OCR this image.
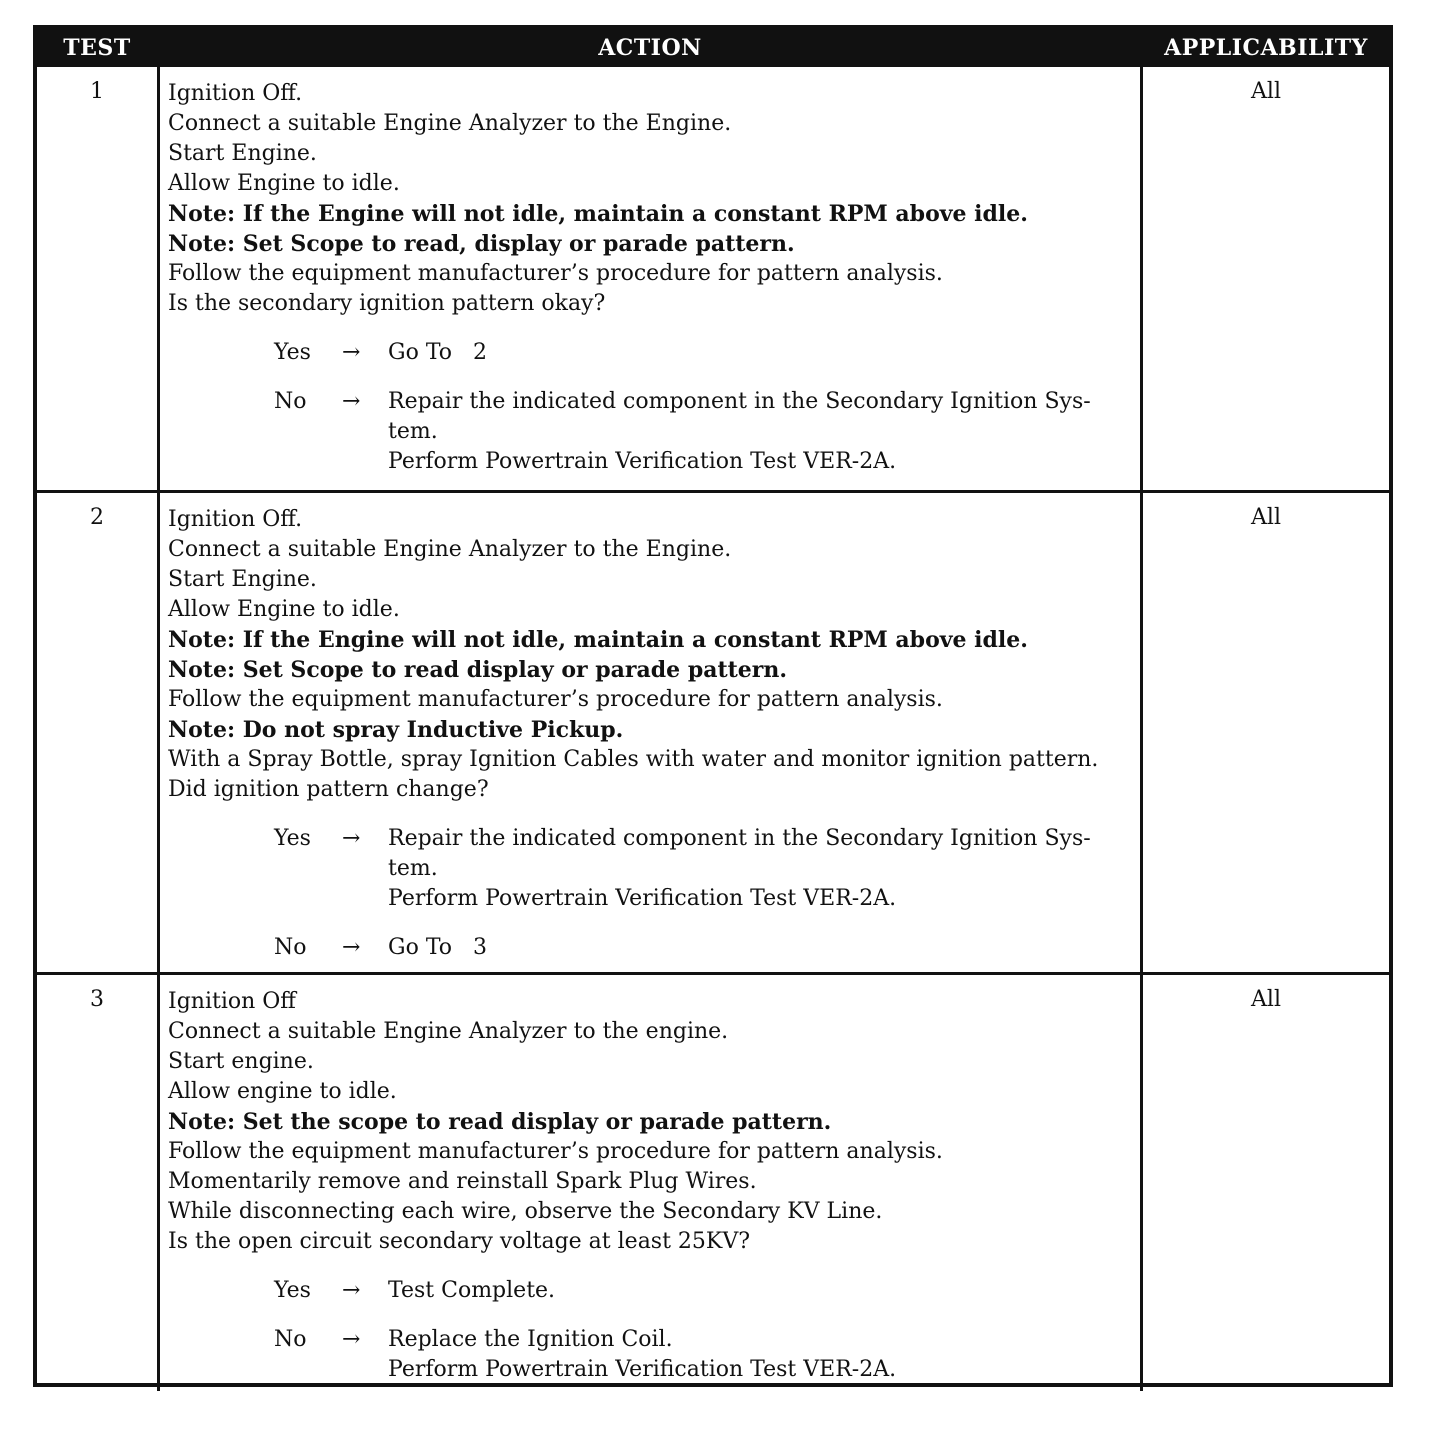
TEST	ACTION	APPLICABILITY
1	Ignition Off.
Connect a suitable Engine Analyzer to the Engine.
Start Engine.
Allow Engine to idle.
Note: If the Engine will not idle, maintain a constant RPM above idle.
Note: Set Scope to read, display or parade pattern.
Follow the equipment manufacturer’s procedure for pattern analysis.
Is the secondary ignition pattern okay?
Yes	→	Go To   2
No	→	Repair the indicated component in the Secondary Ignition Sys-
tem.
Perform Powertrain Verification Test VER-2A.
All
2	Ignition Off.
Connect a suitable Engine Analyzer to the Engine.
Start Engine.
Allow Engine to idle.
Note: If the Engine will not idle, maintain a constant RPM above idle.
Note: Set Scope to read display or parade pattern.
Follow the equipment manufacturer’s procedure for pattern analysis.
Note: Do not spray Inductive Pickup.
With a Spray Bottle, spray Ignition Cables with water and monitor ignition pattern.
Did ignition pattern change?
Yes	→	Repair the indicated component in the Secondary Ignition Sys-
tem.
Perform Powertrain Verification Test VER-2A.
No	→	Go To   3
All
3	Ignition Off
Connect a suitable Engine Analyzer to the engine.
Start engine.
Allow engine to idle.
Note: Set the scope to read display or parade pattern.
Follow the equipment manufacturer’s procedure for pattern analysis.
Momentarily remove and reinstall Spark Plug Wires.
While disconnecting each wire, observe the Secondary KV Line.
Is the open circuit secondary voltage at least 25KV?
Yes	→	Test Complete.
No	→	Replace the Ignition Coil.
Perform Powertrain Verification Test VER-2A.
All
